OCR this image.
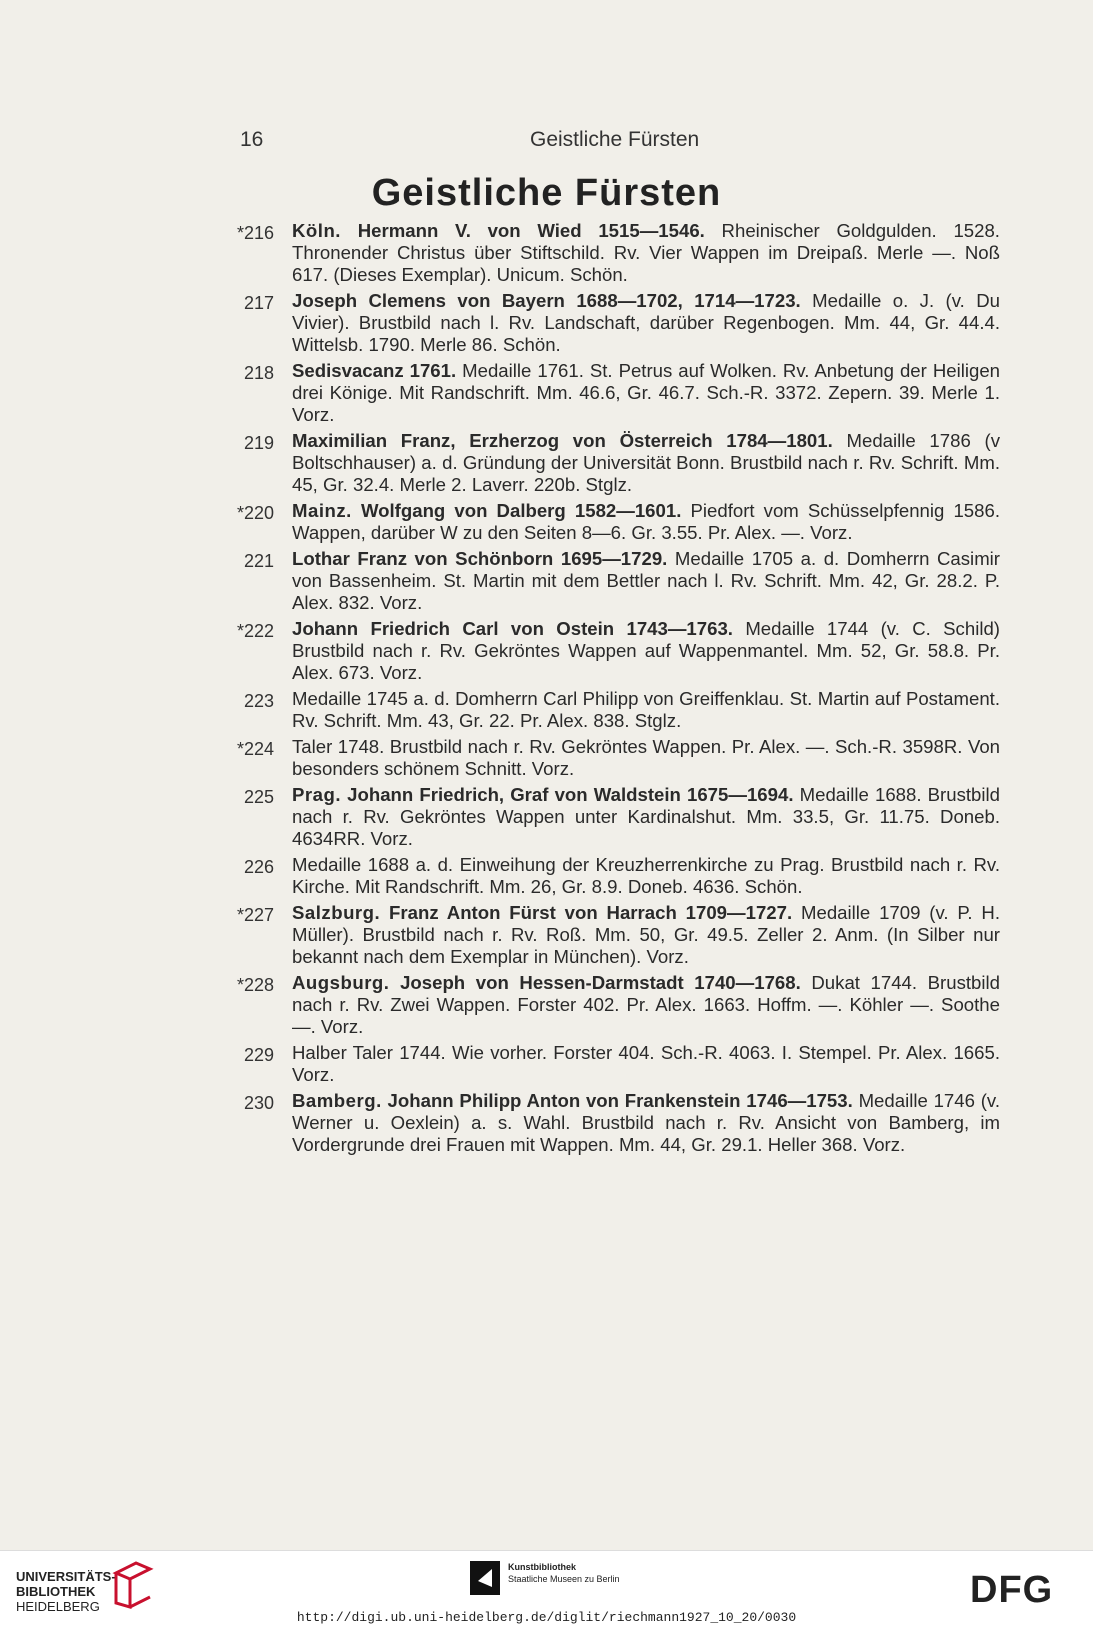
16	Geistliche Fürsten
Geistliche Fürsten
*216 Köln. Hermann V. von Wied 1515—1546. Rheinischer Goldgulden. 1528. Thronender Christus über Stiftschild. Rv. Vier Wappen im Dreipaß. Merle —. Noß 617. (Dieses Exemplar). Unicum. Schön.
217 Joseph Clemens von Bayern 1688—1702, 1714—1723. Medaille o. J. (v. Du Vivier). Brustbild nach l. Rv. Landschaft, darüber Regenbogen. Mm. 44, Gr. 44.4. Wittelsb. 1790. Merle 86. Schön.
218 Sedisvacanz 1761. Medaille 1761. St. Petrus auf Wolken. Rv. Anbetung der Heiligen drei Könige. Mit Randschrift. Mm. 46.6, Gr. 46.7. Sch.-R. 3372. Zepern. 39. Merle 1. Vorz.
219 Maximilian Franz, Erzherzog von Österreich 1784—1801. Medaille 1786 (v Boltschhauser) a. d. Gründung der Universität Bonn. Brustbild nach r. Rv. Schrift. Mm. 45, Gr. 32.4. Merle 2. Laverr. 220b. Stglz.
*220 Mainz. Wolfgang von Dalberg 1582—1601. Piedfort vom Schüsselpfennig 1586. Wappen, darüber W zu den Seiten 8—6. Gr. 3.55. Pr. Alex. —. Vorz.
221 Lothar Franz von Schönborn 1695—1729. Medaille 1705 a. d. Domherrn Casimir von Bassenheim. St. Martin mit dem Bettler nach l. Rv. Schrift. Mm. 42, Gr. 28.2. P. Alex. 832. Vorz.
*222 Johann Friedrich Carl von Ostein 1743—1763. Medaille 1744 (v. C. Schild) Brustbild nach r. Rv. Gekröntes Wappen auf Wappenmantel. Mm. 52, Gr. 58.8. Pr. Alex. 673. Vorz.
223 Medaille 1745 a. d. Domherrn Carl Philipp von Greiffenklau. St. Martin auf Postament. Rv. Schrift. Mm. 43, Gr. 22. Pr. Alex. 838. Stglz.
*224 Taler 1748. Brustbild nach r. Rv. Gekröntes Wappen. Pr. Alex. —. Sch.-R. 3598R. Von besonders schönem Schnitt. Vorz.
225 Prag. Johann Friedrich, Graf von Waldstein 1675—1694. Medaille 1688. Brustbild nach r. Rv. Gekröntes Wappen unter Kardinalshut. Mm. 33.5, Gr. 11.75. Doneb. 4634RR. Vorz.
226 Medaille 1688 a. d. Einweihung der Kreuzherrenkirche zu Prag. Brustbild nach r. Rv. Kirche. Mit Randschrift. Mm. 26, Gr. 8.9. Doneb. 4636. Schön.
*227 Salzburg. Franz Anton Fürst von Harrach 1709—1727. Medaille 1709 (v. P. H. Müller). Brustbild nach r. Rv. Roß. Mm. 50, Gr. 49.5. Zeller 2. Anm. (In Silber nur bekannt nach dem Exemplar in München). Vorz.
*228 Augsburg. Joseph von Hessen-Darmstadt 1740—1768. Dukat 1744. Brustbild nach r. Rv. Zwei Wappen. Forster 402. Pr. Alex. 1663. Hoffm. —. Köhler —. Soothe —. Vorz.
229 Halber Taler 1744. Wie vorher. Forster 404. Sch.-R. 4063. I. Stempel. Pr. Alex. 1665. Vorz.
230 Bamberg. Johann Philipp Anton von Frankenstein 1746—1753. Medaille 1746 (v. Werner u. Oexlein) a. s. Wahl. Brustbild nach r. Rv. Ansicht von Bamberg, im Vordergrunde drei Frauen mit Wappen. Mm. 44, Gr. 29.1. Heller 368. Vorz.
UNIVERSITÄTS-
BIBLIOTHEK
HEIDELBERG
Kunstbibliothek
Staatliche Museen zu Berlin	DFG
http://digi.ub.uni-heidelberg.de/diglit/riechmann1927_10_20/0030
